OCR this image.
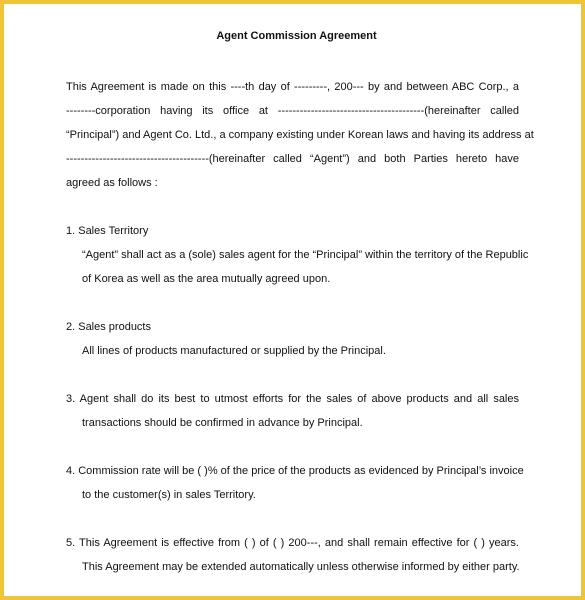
Agent Commission Agreement
This Agreement is made on this ----th day of ---------, 200--- by and between ABC Corp., a
--------corporation having its office at ----------------------------------------(hereinafter called
“Principal”) and Agent Co. Ltd., a company existing under Korean laws and having its address at
---------------------------------------(hereinafter called “Agent”) and both Parties hereto have
agreed as follows :
1. Sales Territory
“Agent” shall act as a (sole) sales agent for the “Principal” within the territory of the Republic
of Korea as well as the area mutually agreed upon.
2. Sales products
All lines of products manufactured or supplied by the Principal.
3. Agent shall do its best to utmost efforts for the sales of above products and all sales
transactions should be confirmed in advance by Principal.
4. Commission rate will be ( )% of the price of the products as evidenced by Principal’s invoice
to the customer(s) in sales Territory.
5. This Agreement is effective from ( ) of ( ) 200---, and shall remain effective for ( ) years.
This Agreement may be extended automatically unless otherwise informed by either party.
